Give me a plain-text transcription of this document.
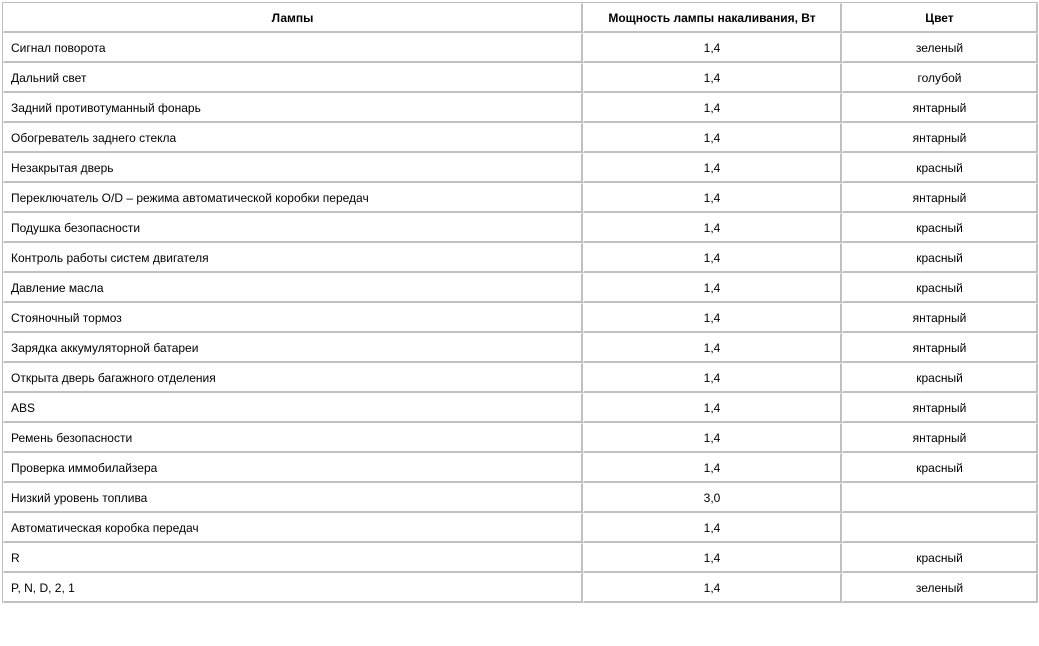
Лампы	Мощность лампы накаливания, Вт	Цвет
Сигнал поворота	1,4	зеленый
Дальний свет	1,4	голубой
Задний противотуманный фонарь	1,4	янтарный
Обогреватель заднего стекла	1,4	янтарный
Незакрытая дверь	1,4	красный
Переключатель O/D – режима автоматической коробки передач	1,4	янтарный
Подушка безопасности	1,4	красный
Контроль работы систем двигателя	1,4	красный
Давление масла	1,4	красный
Стояночный тормоз	1,4	янтарный
Зарядка аккумуляторной батареи	1,4	янтарный
Открыта дверь багажного отделения	1,4	красный
ABS	1,4	янтарный
Ремень безопасности	1,4	янтарный
Проверка иммобилайзера	1,4	красный
Низкий уровень топлива	3,0	
Автоматическая коробка передач	1,4	
R	1,4	красный
P, N, D, 2, 1	1,4	зеленый
